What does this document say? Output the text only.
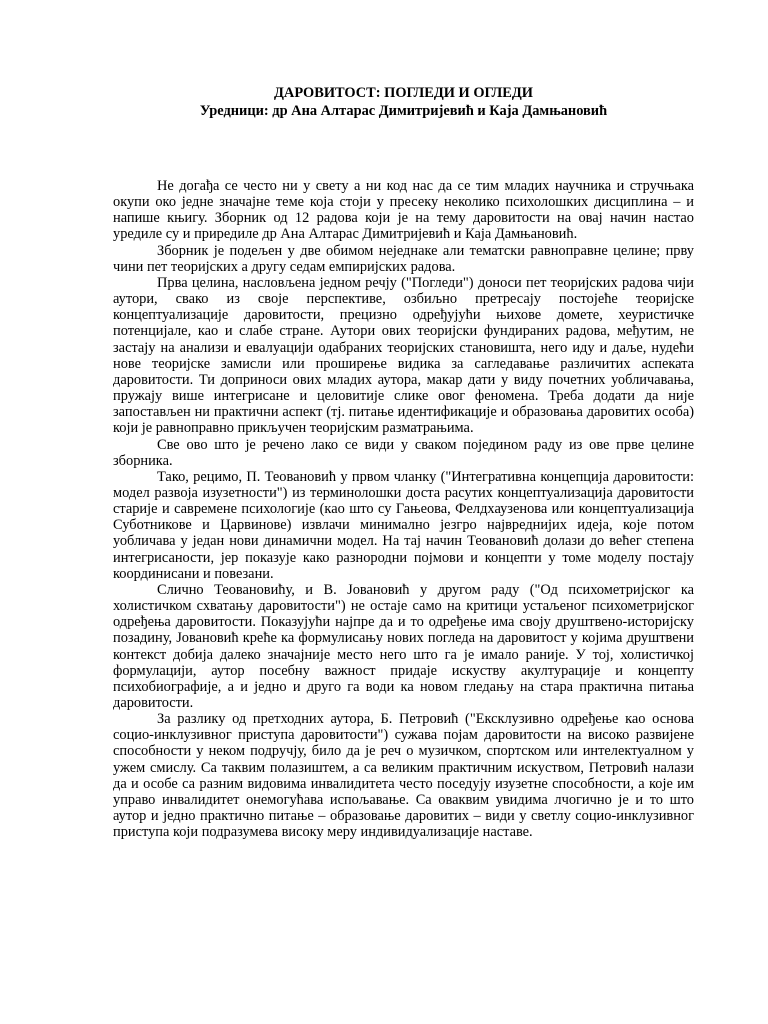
ДАРОВИТОСТ: ПОГЛЕДИ И ОГЛЕДИ
Уредници: др Ана Алтарас Димитријевић и Каја Дамњановић

Не догађа се често ни у свету а ни код нас да се тим младих научника и стручњака окупи око једне значајне теме која стоји у пресеку неколико психолошких дисциплина – и напише књигу. Зборник од 12 радова који је на тему даровитости на овај начин настао уредиле су и приредиле др Ана Алтарас Димитријевић и Каја Дамњановић.

Зборник је подељен у две обимом неједнаке али тематски равноправне целине; прву чини пет теоријских а другу седам емпиријских радова.

Прва целина, насловљена једном речју ("Погледи") доноси пет теоријских радова чији аутори, свако из своје перспективе, озбиљно претресају постојеће теоријске концептуализације даровитости, прецизно одређујући њихове домете, хеуристичке потенцијале, као и слабе стране. Аутори ових теоријски фундираних радова, међутим, не застају на анализи и евалуацији одабраних теоријских становишта, него иду и даље, нудећи нове теоријске замисли или проширење видика за сагледавање различитих аспеката даровитости. Ти доприноси ових младих аутора, макар дати у виду почетних уобличавања, пружају више интегрисане и целовитије слике овог феномена. Треба додати да није запостављен ни практични аспект (тј. питање идентификације и образовања даровитих особа) који је равноправно прикључен теоријским разматрањима.

Све ово што је речено лако се види у сваком појединoм раду из ове прве целине зборника.

Тако, рецимо, П. Теовановић у првом чланку ("Интегративна концепција даровитости: модел развоја изузетности") из терминолошки доста расутих концептуализација даровитости старије и савремене психологије (као што су Гањеова, Фелдхаузенова или концептуализација Суботникове и Царвинове) извлачи минимално језгро највреднијих идеја, које потом уобличава у један нови динамични модел. На тај начин Теовановић долази до већег степена интегрисаности, јер показује како разнородни појмови и концепти у томе моделу постају координисани и повезани.

Слично Теовановићу, и В. Јовановић у другом раду ("Од психометријског ка холистичком схватању даровитости") не остаје само на критици устаљеног психометријског одређења даровитости. Показујући најпре да и то одређење има своју друштвено-историјску позадину, Јовановић креће ка формулисању нових погледа на даровитост у којима друштвени контекст добија далеко значајније место него што га је имало раније. У тој, холистичкој формулацији, аутор посебну важност придаје искуству акултурације и концепту психобиографије, а и једно и друго га води ка новом гледању на стара практична питања даровитости.

За разлику од претходних аутора, Б. Петровић ("Ексклузивно одређење као основа социо-инклузивног приступа даровитости") сужава појам даровитости на високо развијене способности у неком подручју, било да је реч о музичком, спортском или интелектуалном у ужем смислу. Са таквим полазиштем, а са великим практичним искуством, Петровић налази да и особе са разним видовима инвалидитета често поседују изузетне способности, а које им управо инвалидитет онемогућава испољавање. Са оваквим увидима лчогично је и то што аутор и једно практично питање – образовање даровитих – види у светлу социо-инклузивног приступа који подразумева високу меру индивидуализације наставе.
